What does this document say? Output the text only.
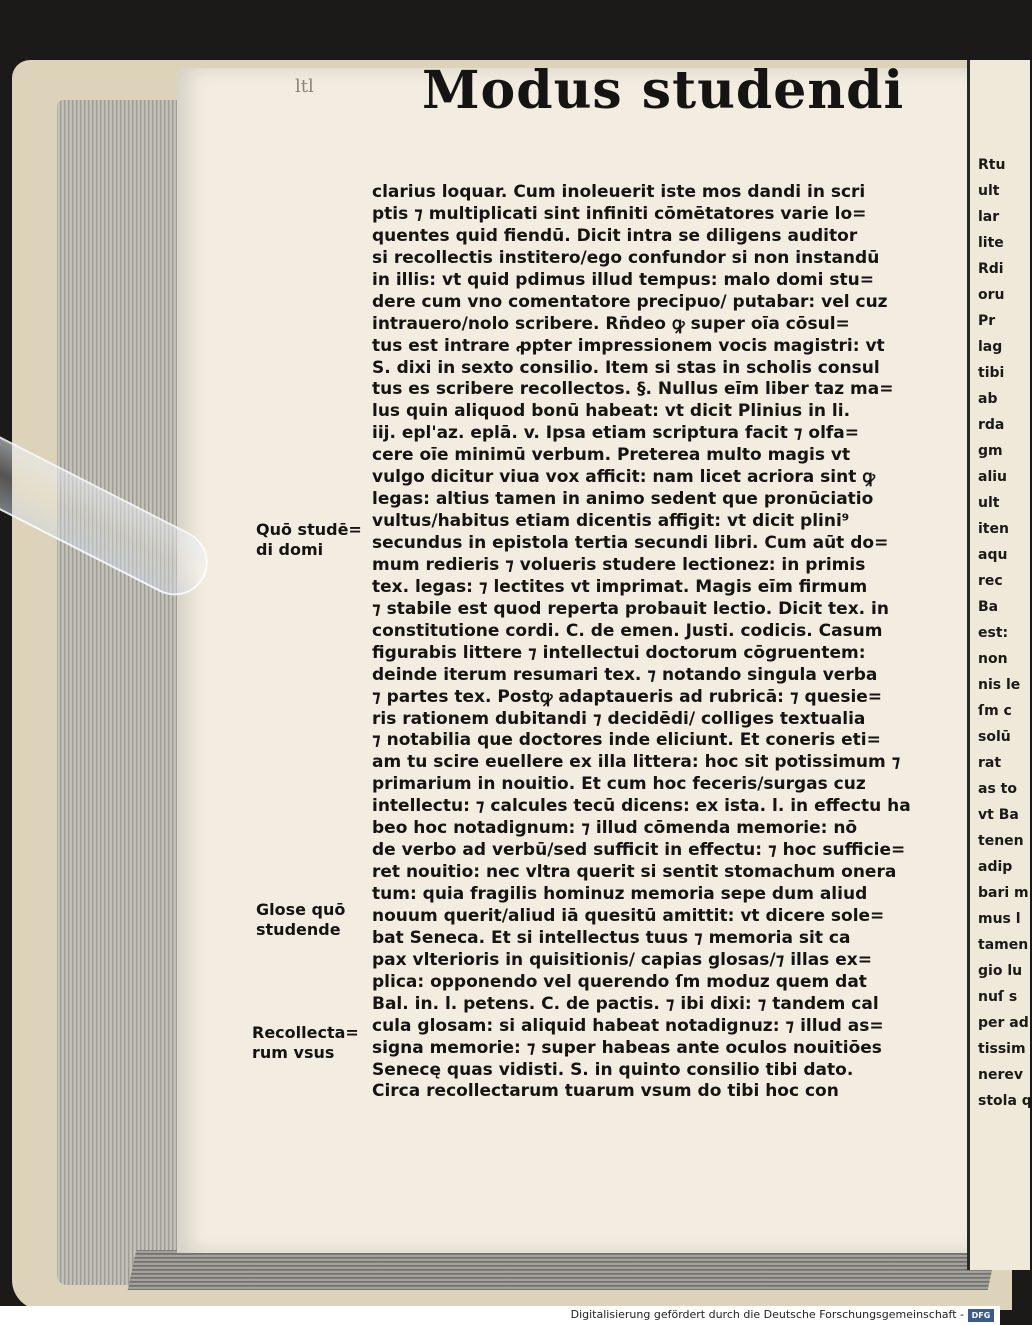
ltl Modus studendi
clarius loquar. Cum inoleuerit iste mos dandi in scri
ptis ⁊ multiplicati sint infiniti cōmētatores varie lo=
quentes quid fiendū. Dicit intra se diligens auditor
si recollectis institero/ego confundor si non instandū
in illis: vt quid pdimus illud tempus: malo domi stu=
dere cum vno comentatore precipuo/ putabar: vel cuz
intrauero/nolo scribere. Rn̄deo ꝙ super oīa cōsul=
tus est intrare ꝓpter impressionem vocis magistri: vt
S. dixi in sexto consilio. Item si stas in scholis consul
tus es scribere recollectos. §. Nullus eīm liber taz ma=
lus quin aliquod bonū habeat: vt dicit Plinius in li.
iij. epl'az. eplā. v. Ipsa etiam scriptura facit ⁊ olfa=
cere oīe minimū verbum. Preterea multo magis vt
vulgo dicitur viua vox afficit: nam licet acriora sint ꝙ
legas: altius tamen in animo sedent que pronūciatio
vultus/habitus etiam dicentis affigit: vt dicit plini⁹
secundus in epistola tertia secundi libri. Cum aūt do=
mum redieris ⁊ volueris studere lectionez: in primis
tex. legas: ⁊ lectites vt imprimat. Magis eīm firmum
⁊ stabile est quod reperta probauit lectio. Dicit tex. in
constitutione cordi. C. de emen. Justi. codicis. Casum
figurabis littere ⁊ intellectui doctorum cōgruentem:
deinde iterum resumari tex. ⁊ notando singula verba
⁊ partes tex. Postꝙ adaptaueris ad rubricā: ⁊ quesie=
ris rationem dubitandi ⁊ decidēdi/ colliges textualia
⁊ notabilia que doctores inde eliciunt. Et coneris eti=
am tu scire euellere ex illa littera: hoc sit potissimum ⁊
primarium in nouitio. Et cum hoc feceris/surgas cuz
intellectu: ⁊ calcules tecū dicens: ex ista. l. in effectu ha
beo hoc notadignum: ⁊ illud cōmenda memorie: nō
de verbo ad verbū/sed sufficit in effectu: ⁊ hoc sufficie=
ret nouitio: nec vltra querit si sentit stomachum onera
tum: quia fragilis hominuz memoria sepe dum aliud
nouum querit/aliud iā quesitū amittit: vt dicere sole=
bat Seneca. Et si intellectus tuus ⁊ memoria sit ca
pax vlterioris in quisitionis/ capias glosas/⁊ illas ex=
plica: opponendo vel querendo ſm moduz quem dat
Bal. in. l. petens. C. de pactis. ⁊ ibi dixi: ⁊ tandem cal
cula glosam: si aliquid habeat notadignuz: ⁊ illud as=
signa memorie: ⁊ super habeas ante oculos nouitiōes
Senecę quas vidisti. S. in quinto consilio tibi dato.
Circa recollectarum tuarum vsum do tibi hoc con
Quō studē=
di domi
Glose quō
studende
Recollecta=
rum vsus
Rtu
ult
lar
lite
Rdi
oru
Pr
lag
tibi
ab
rda
gm
aliu
ult
iten
aqu
rec
Ba
est:
non
nis le
ſm c
solū
rat
as to
vt Ba
tenen
adip
bari m
mus l
tamen
gio lu
nuſ s
per ad
tissim
nerev
stola q
Digitalisierung gefördert durch die Deutsche Forschungsgemeinschaft - DFG
